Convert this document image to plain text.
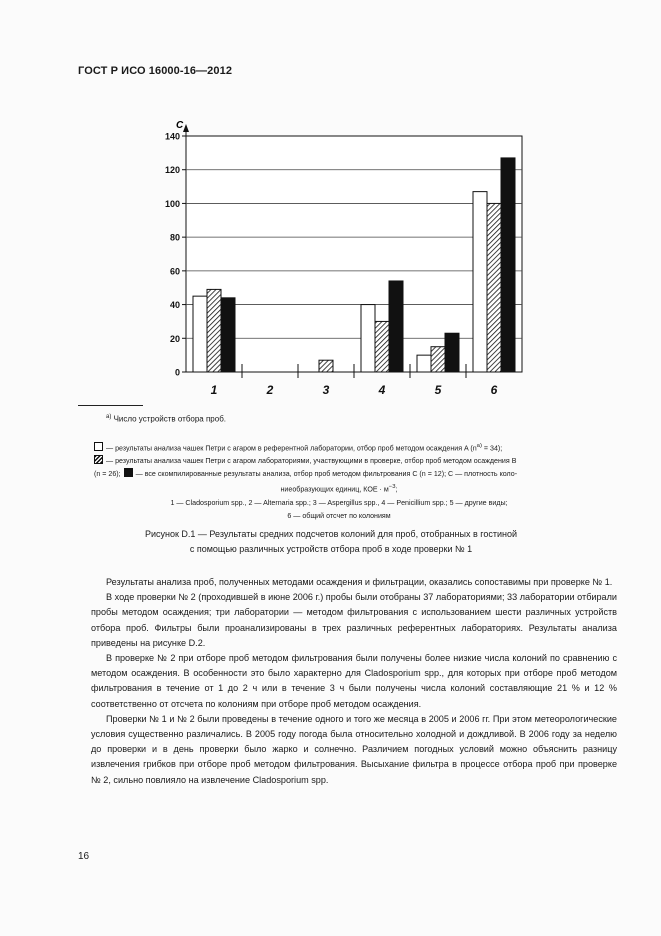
ГОСТ Р ИСО 16000-16—2012
140
120
100
80
60
40
20
0
1	2	3	4	5	6
C
$^{а)}$ Число устройств отбора проб.
— результаты анализа чашек Петри с агаром в референтной лаборатории, отбор проб методом осаждения A $(n^{а)} = 34)$;
— результаты анализа чашек Петри с агаром лабораториями, участвующими в проверке, отбор проб методом осаждения B
(n = 26); — все скомпилированные результаты анализа, отбор проб методом фильтрования C (n = 12); C — плотность коло-
ниеобразующих единиц, КОЕ · $м^{-3}$;
1 — Cladosporium spp., 2 — Alternaria spp.; 3 — Aspergillus spp., 4 — Penicillium spp.; 5 — другие виды;
6 — общий отсчет по колониям
Рисунок D.1 — Результаты средних подсчетов колоний для проб, отобранных в гостиной
с помощью различных устройств отбора проб в ходе проверки № 1

Результаты анализа проб, полученных методами осаждения и фильтрации, оказались сопоставимы при проверке № 1.

В ходе проверки № 2 (проходившей в июне 2006 г.) пробы были отобраны 37 лабораториями; 33 лаборатории отбирали пробы методом осаждения; три лаборатории — методом фильтрования с использованием шести различных устройств отбора проб. Фильтры были проанализированы в трех различных референтных лабораториях. Результаты анализа приведены на рисунке D.2.

В проверке № 2 при отборе проб методом фильтрования были получены более низкие числа колоний по сравнению с методом осаждения. В особенности это было характерно для Cladosporium spp., для которых при отборе проб методом фильтрования в течение от 1 до 2 ч или в течение 3 ч были получены числа колоний составляющие 21 % и 12 % соответственно от отсчета по колониям при отборе проб методом осаждения.

Проверки № 1 и № 2 были проведены в течение одного и того же месяца в 2005 и 2006 гг. При этом метеорологические условия существенно различались. В 2005 году погода была относительно холодной и дождливой. В 2006 году за неделю до проверки и в день проверки было жарко и солнечно. Различием погодных условий можно объяснить разницу извлечения грибков при отборе проб методом фильтрования. Высыхание фильтра в процессе отбора проб при проверке № 2, сильно повлияло на извлечение Cladosporium spp.

16
